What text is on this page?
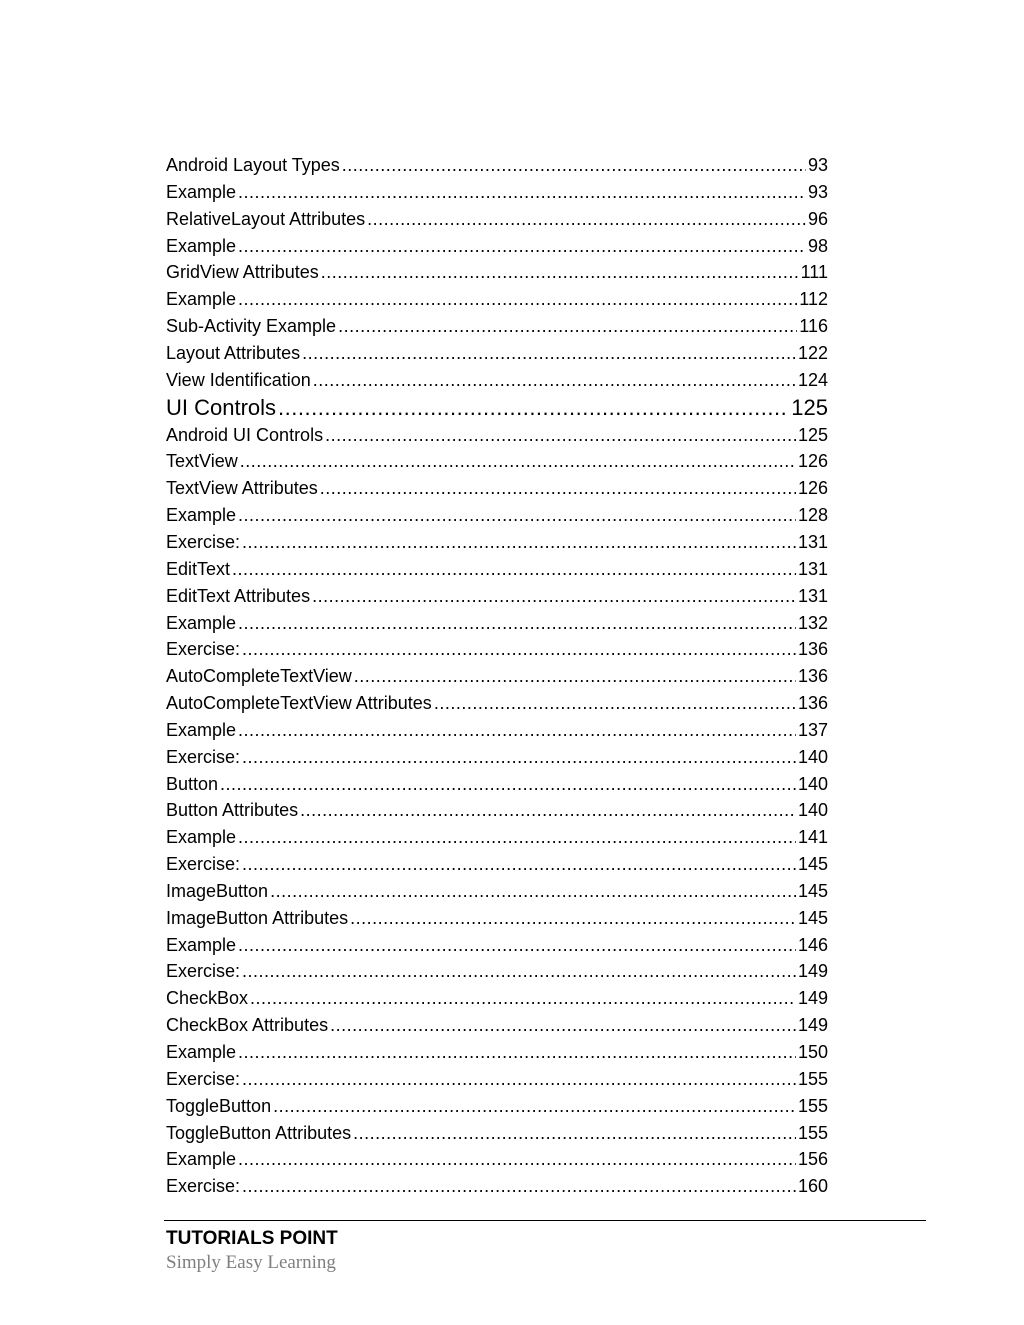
Android Layout Types .....	93
Example .....	93
RelativeLayout Attributes .....	96
Example .....	98
GridView Attributes .....	111
Example .....	112
Sub-Activity Example .....	116
Layout Attributes .....	122
View Identification .....	124
UI Controls .....	125
Android UI Controls .....	125
TextView .....	126
TextView Attributes .....	126
Example .....	128
Exercise: .....	131
EditText .....	131
EditText Attributes .....	131
Example .....	132
Exercise: .....	136
AutoCompleteTextView .....	136
AutoCompleteTextView Attributes .....	136
Example .....	137
Exercise: .....	140
Button .....	140
Button Attributes .....	140
Example .....	141
Exercise: .....	145
ImageButton .....	145
ImageButton Attributes .....	145
Example .....	146
Exercise: .....	149
CheckBox .....	149
CheckBox Attributes .....	149
Example .....	150
Exercise: .....	155
ToggleButton .....	155
ToggleButton Attributes .....	155
Example .....	156
Exercise: .....	160
TUTORIALS POINT
Simply Easy Learning
